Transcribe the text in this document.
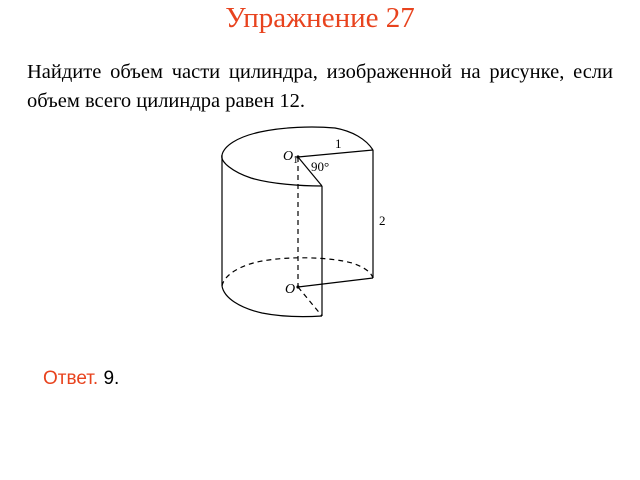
Упражнение 27
Найдите объем части цилиндра, изображенной на рисунке, если объем всего цилиндра равен 12.
$O_1$
O
1
90°
2
Ответ. 9.
